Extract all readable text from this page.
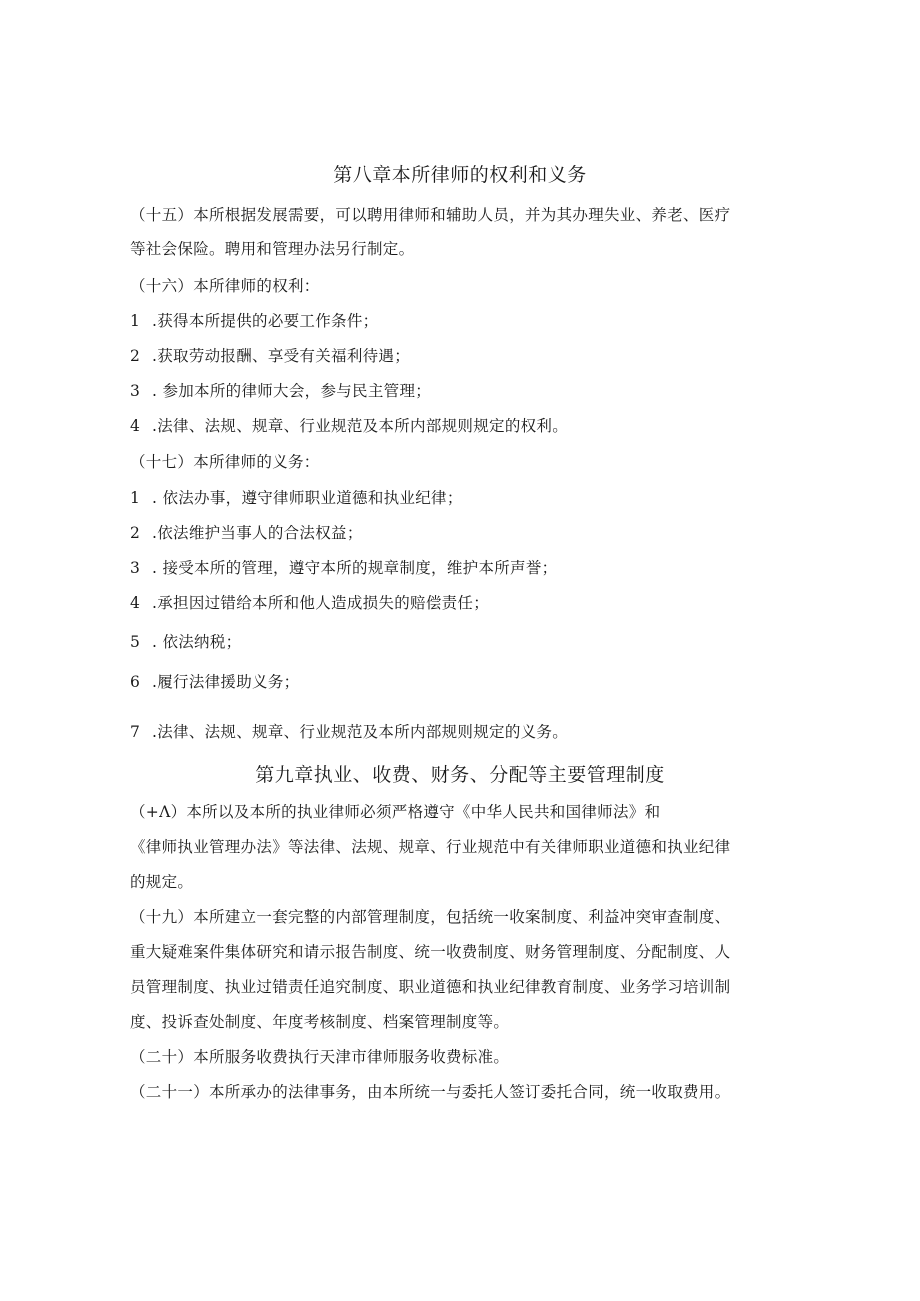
第八章本所律师的权利和义务
（十五）本所根据发展需要，可以聘用律师和辅助人员，并为其办理失业、养老、医疗
等社会保险。聘用和管理办法另行制定。
（十六）本所律师的权利：
1 .获得本所提供的必要工作条件；
2 .获取劳动报酬、享受有关福利待遇；
3 . 参加本所的律师大会，参与民主管理；
4 .法律、法规、规章、行业规范及本所内部规则规定的权利。
（十七）本所律师的义务：
1 . 依法办事，遵守律师职业道德和执业纪律；
2 .依法维护当事人的合法权益；
3 . 接受本所的管理，遵守本所的规章制度，维护本所声誉；
4 .承担因过错给本所和他人造成损失的赔偿责任；
5 . 依法纳税；
6 .履行法律援助义务；
7 .法律、法规、规章、行业规范及本所内部规则规定的义务。
第九章执业、收费、财务、分配等主要管理制度
（+Λ）本所以及本所的执业律师必须严格遵守《中华人民共和国律师法》和
《律师执业管理办法》等法律、法规、规章、行业规范中有关律师职业道德和执业纪律
的规定。
（十九）本所建立一套完整的内部管理制度，包括统一收案制度、利益冲突审查制度、
重大疑难案件集体研究和请示报告制度、统一收费制度、财务管理制度、分配制度、人
员管理制度、执业过错责任追究制度、职业道德和执业纪律教育制度、业务学习培训制
度、投诉查处制度、年度考核制度、档案管理制度等。
（二十）本所服务收费执行天津市律师服务收费标准。
（二十一）本所承办的法律事务，由本所统一与委托人签订委托合同，统一收取费用。
